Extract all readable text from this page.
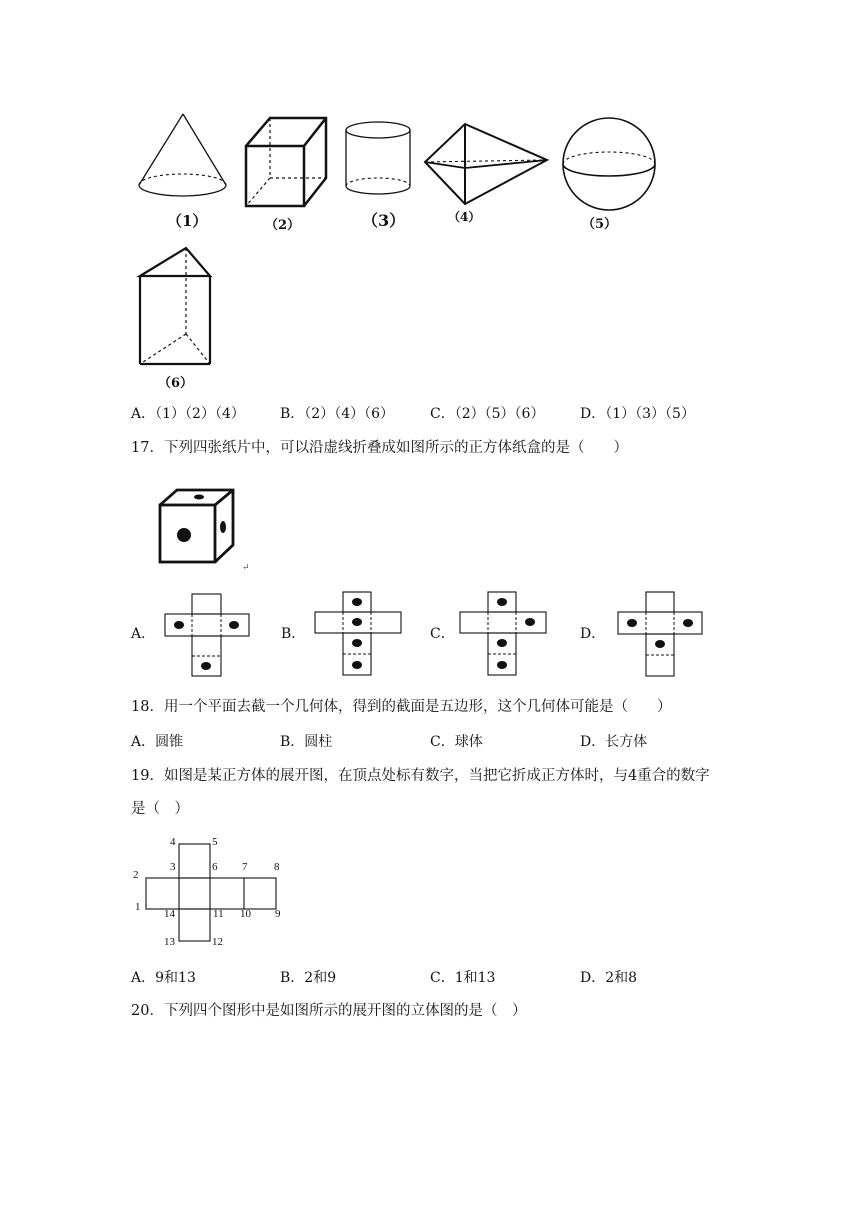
（1）	（2）	（3）	（4）	（5）
（6）
A．（1）（2）（4）	B．（2）（4）（6）	C．（2）（5）（6）	D．（1）（3）（5）
17．下列四张纸片中，可以沿虚线折叠成如图所示的正方体纸盒的是（　　）
↵
A．	B．	C．	D．
18．用一个平面去截一个几何体，得到的截面是五边形，这个几何体可能是（　　）
A．圆锥	B．圆柱	C．球体	D．长方体
19．如图是某正方体的展开图，在顶点处标有数字，当把它折成正方体时，与4重合的数字
是（　）
4	5
3	6 7 8
2
1
14	11 10 9
13	12
A．9和13	B．2和9	C．1和13	D．2和8
20．下列四个图形中是如图所示的展开图的立体图的是（　）
